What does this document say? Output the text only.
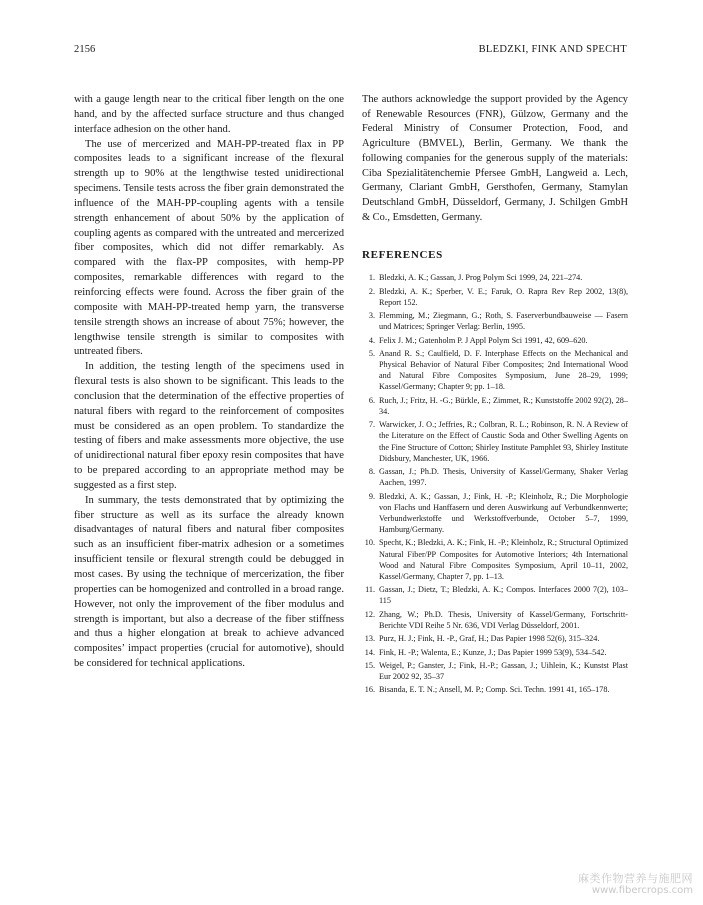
2156	BLEDZKI, FINK AND SPECHT

with a gauge length near to the critical fiber length on the one hand, and by the affected surface structure and thus changed interface adhesion on the other hand.

The use of mercerized and MAH-PP-treated flax in PP composites leads to a significant increase of the flexural strength up to 90% at the lengthwise tested unidirectional specimens. Tensile tests across the fiber grain demonstrated the influence of the MAH-PP-coupling agents with a tensile strength enhancement of about 50% by the application of coupling agents as compared with the untreated and mercerized fiber composites, which did not differ remarkably. As compared with the flax-PP composites, with hemp-PP composites, remarkable differences with regard to the reinforcing effects were found. Across the fiber grain of the composite with MAH-PP-treated hemp yarn, the transverse tensile strength shows an increase of about 75%; however, the lengthwise tensile strength is similar to composites with untreated fibers.

In addition, the testing length of the specimens used in flexural tests is also shown to be significant. This leads to the conclusion that the determination of the effective properties of natural fibers with regard to the reinforcement of composites must be considered as an open problem. To standardize the testing of fibers and make assessments more objective, the use of unidirectional natural fiber epoxy resin composites that have to be prepared according to an appropriate method may be suggested as a first step.

In summary, the tests demonstrated that by optimizing the fiber structure as well as its surface the already known disadvantages of natural fibers and natural fiber composites such as an insufficient fiber-matrix adhesion or a sometimes insufficient tensile or flexural strength could be debugged in most cases. By using the technique of mercerization, the fiber properties can be homogenized and controlled in a broad range. However, not only the improvement of the fiber modulus and strength is important, but also a decrease of the fiber stiffness and thus a higher elongation at break to achieve advanced composites’ impact properties (crucial for automotive), should be considered for technical applications.

The authors acknowledge the support provided by the Agency of Renewable Resources (FNR), Gülzow, Germany and the Federal Ministry of Consumer Protection, Food, and Agriculture (BMVEL), Berlin, Germany. We thank the following companies for the generous supply of the materials: Ciba Spezialitätenchemie Pfersee GmbH, Langweid a. Lech, Germany, Clariant GmbH, Gersthofen, Germany, Stamylan Deutschland GmbH, Düsseldorf, Germany, J. Schilgen GmbH & Co., Emsdetten, Germany.

REFERENCES
1. Bledzki, A. K.; Gassan, J. Prog Polym Sci 1999, 24, 221–274.
2. Bledzki, A. K.; Sperber, V. E.; Faruk, O. Rapra Rev Rep 2002, 13(8), Report 152.
3. Flemming, M.; Ziegmann, G.; Roth, S. Faserverbundbauweise — Fasern und Matrices; Springer Verlag: Berlin, 1995.
4. Felix J. M.; Gatenholm P. J Appl Polym Sci 1991, 42, 609–620.
5. Anand R. S.; Caulfield, D. F. Interphase Effects on the Mechanical and Physical Behavior of Natural Fiber Composites; 2nd International Wood and Natural Fibre Composites Symposium, June 28–29, 1999; Kassel/Germany; Chapter 9; pp. 1–18.
6. Ruch, J.; Fritz, H. -G.; Bürkle, E.; Zimmet, R.; Kunststoffe 2002 92(2), 28–34.
7. Warwicker, J. O.; Jeffries, R.; Colbran, R. L.; Robinson, R. N. A Review of the Literature on the Effect of Caustic Soda and Other Swelling Agents on the Fine Structure of Cotton; Shirley Institute Pamphlet 93, Shirley Institute Didsbury, Manchester, UK, 1966.
8. Gassan, J.; Ph.D. Thesis, University of Kassel/Germany, Shaker Verlag Aachen, 1997.
9. Bledzki, A. K.; Gassan, J.; Fink, H. -P.; Kleinholz, R.; Die Morphologie von Flachs und Hanffasern und deren Auswirkung auf Verbundkennwerte; Verbundwerkstoffe und Werkstoffverbunde, October 5–7, 1999, Hamburg/Germany.
10. Specht, K.; Bledzki, A. K.; Fink, H. -P.; Kleinholz, R.; Structural Optimized Natural Fiber/PP Composites for Automotive Interiors; 4th International Wood and Natural Fibre Composites Symposium, April 10–11, 2002, Kassel/Germany, Chapter 7, pp. 1–13.
11. Gassan, J.; Dietz, T.; Bledzki, A. K.; Compos. Interfaces 2000 7(2), 103–115
12. Zhang, W.; Ph.D. Thesis, University of Kassel/Germany, Fortschritt-Berichte VDI Reihe 5 Nr. 636, VDI Verlag Düsseldorf, 2001.
13. Purz, H. J.; Fink, H. -P., Graf, H.; Das Papier 1998 52(6), 315–324.
14. Fink, H. -P.; Walenta, E.; Kunze, J.; Das Papier 1999 53(9), 534–542.
15. Weigel, P.; Ganster, J.; Fink, H.-P.; Gassan, J.; Uihlein, K.; Kunstst Plast Eur 2002 92, 35–37
16. Bisanda, E. T. N.; Ansell, M. P.; Comp. Sci. Techn. 1991 41, 165–178.
麻类作物营养与施肥网
www.fibercrops.com
